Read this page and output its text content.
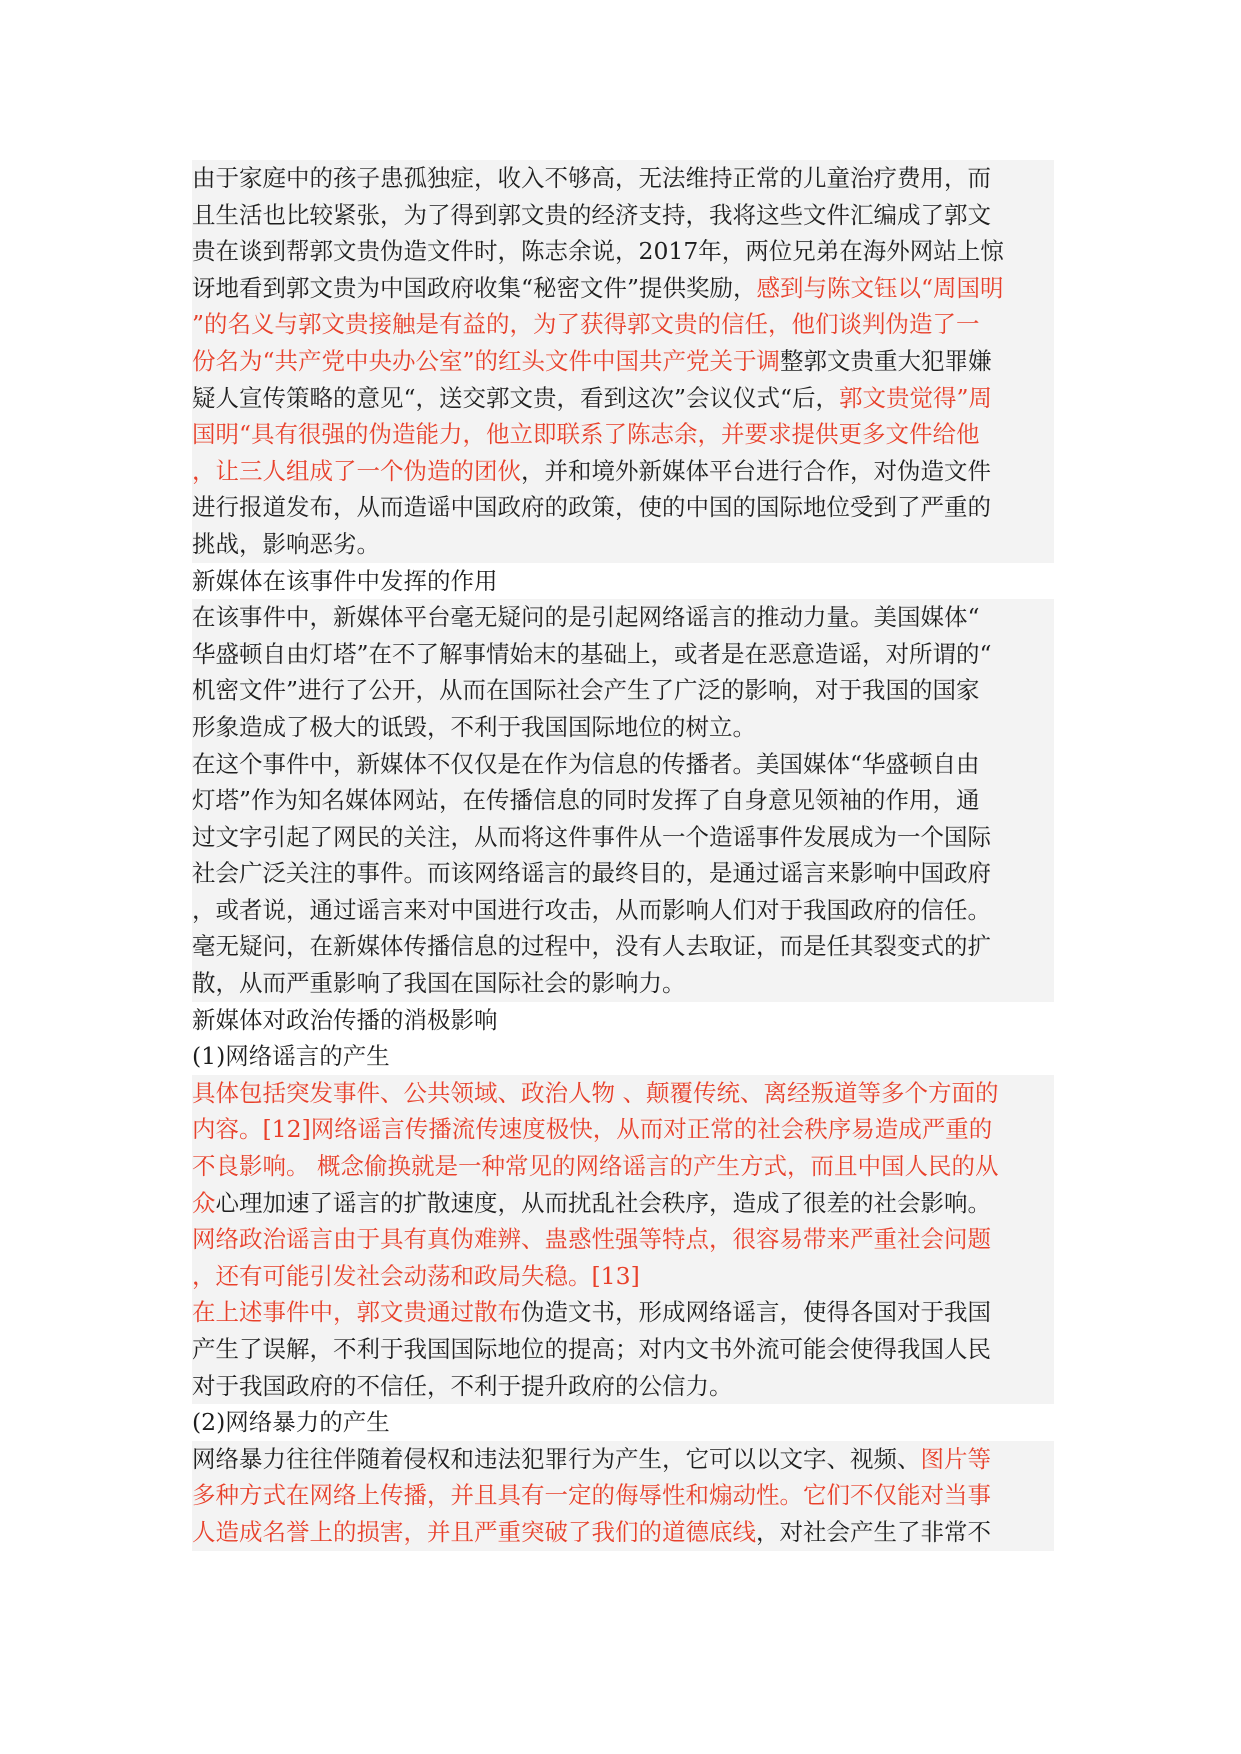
由于家庭中的孩子患孤独症，收入不够高，无法维持正常的儿童治疗费用，而
且生活也比较紧张，为了得到郭文贵的经济支持，我将这些文件汇编成了郭文
贵在谈到帮郭文贵伪造文件时，陈志余说，2017年，两位兄弟在海外网站上惊
讶地看到郭文贵为中国政府收集“秘密文件”提供奖励，感到与陈文钰以“周国明
”的名义与郭文贵接触是有益的，为了获得郭文贵的信任，他们谈判伪造了一
份名为“共产党中央办公室”的红头文件中国共产党关于调整郭文贵重大犯罪嫌
疑人宣传策略的意见“，送交郭文贵，看到这次”会议仪式“后，郭文贵觉得”周
国明“具有很强的伪造能力，他立即联系了陈志余，并要求提供更多文件给他
，让三人组成了一个伪造的团伙，并和境外新媒体平台进行合作，对伪造文件
进行报道发布，从而造谣中国政府的政策，使的中国的国际地位受到了严重的
挑战，影响恶劣。
新媒体在该事件中发挥的作用
在该事件中，新媒体平台毫无疑问的是引起网络谣言的推动力量。美国媒体“
华盛顿自由灯塔”在不了解事情始末的基础上，或者是在恶意造谣，对所谓的“
机密文件”进行了公开，从而在国际社会产生了广泛的影响，对于我国的国家
形象造成了极大的诋毁，不利于我国国际地位的树立。
在这个事件中，新媒体不仅仅是在作为信息的传播者。美国媒体“华盛顿自由
灯塔”作为知名媒体网站，在传播信息的同时发挥了自身意见领袖的作用，通
过文字引起了网民的关注，从而将这件事件从一个造谣事件发展成为一个国际
社会广泛关注的事件。而该网络谣言的最终目的，是通过谣言来影响中国政府
，或者说，通过谣言来对中国进行攻击，从而影响人们对于我国政府的信任。
毫无疑问，在新媒体传播信息的过程中，没有人去取证，而是任其裂变式的扩
散，从而严重影响了我国在国际社会的影响力。
新媒体对政治传播的消极影响
(1)网络谣言的产生
具体包括突发事件、公共领域、政治人物 、颠覆传统、离经叛道等多个方面的
内容。[12]网络谣言传播流传速度极快，从而对正常的社会秩序易造成严重的
不良影响。 概念偷换就是一种常见的网络谣言的产生方式，而且中国人民的从
众心理加速了谣言的扩散速度，从而扰乱社会秩序，造成了很差的社会影响。
网络政治谣言由于具有真伪难辨、蛊惑性强等特点，很容易带来严重社会问题
，还有可能引发社会动荡和政局失稳。[13]
在上述事件中，郭文贵通过散布伪造文书，形成网络谣言，使得各国对于我国
产生了误解，不利于我国国际地位的提高；对内文书外流可能会使得我国人民
对于我国政府的不信任，不利于提升政府的公信力。
(2)网络暴力的产生
网络暴力往往伴随着侵权和违法犯罪行为产生，它可以以文字、视频、图片等
多种方式在网络上传播，并且具有一定的侮辱性和煽动性。它们不仅能对当事
人造成名誉上的损害，并且严重突破了我们的道德底线，对社会产生了非常不
